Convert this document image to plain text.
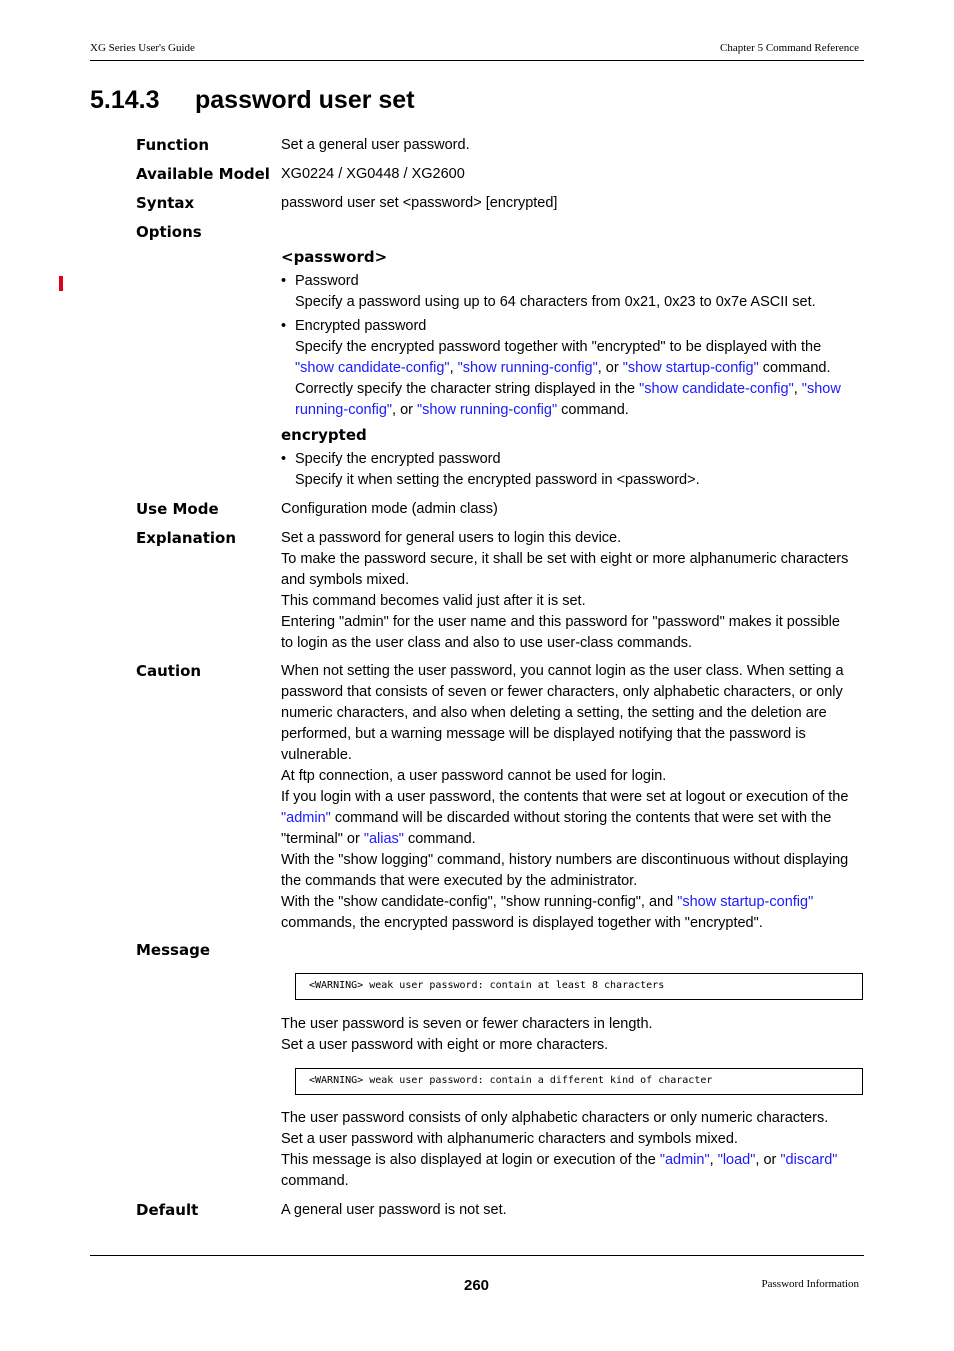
XG Series User's Guide	Chapter 5 Command Reference
5.14.3 password user set
Function	Set a general user password.
Available Model XG0224 / XG0448 / XG2600
Syntax	password user set <password> [encrypted]
Options
<password>
• Password
Specify a password using up to 64 characters from 0x21, 0x23 to 0x7e ASCII set.
• Encrypted password
Specify the encrypted password together with "encrypted" to be displayed with the
"show candidate-config", "show running-config", or "show startup-config" command.
Correctly specify the character string displayed in the "show candidate-config", "show
running-config", or "show running-config" command.
encrypted
• Specify the encrypted password
Specify it when setting the encrypted password in <password>.
Use Mode	Configuration mode (admin class)
Explanation	Set a password for general users to login this device.
To make the password secure, it shall be set with eight or more alphanumeric characters
and symbols mixed.
This command becomes valid just after it is set.
Entering "admin" for the user name and this password for "password" makes it possible
to login as the user class and also to use user-class commands.
Caution	When not setting the user password, you cannot login as the user class. When setting a
password that consists of seven or fewer characters, only alphabetic characters, or only
numeric characters, and also when deleting a setting, the setting and the deletion are
performed, but a warning message will be displayed notifying that the password is
vulnerable.
At ftp connection, a user password cannot be used for login.
If you login with a user password, the contents that were set at logout or execution of the
"admin" command will be discarded without storing the contents that were set with the
"terminal" or "alias" command.
With the "show logging" command, history numbers are discontinuous without displaying
the commands that were executed by the administrator.
With the "show candidate-config", "show running-config", and "show startup-config"
commands, the encrypted password is displayed together with "encrypted".
Message
<WARNING> weak user password: contain at least 8 characters
The user password is seven or fewer characters in length.
Set a user password with eight or more characters.
<WARNING> weak user password: contain a different kind of character
The user password consists of only alphabetic characters or only numeric characters.
Set a user password with alphanumeric characters and symbols mixed.
This message is also displayed at login or execution of the "admin", "load", or "discard"
command.
Default	A general user password is not set.
260	Password Information
